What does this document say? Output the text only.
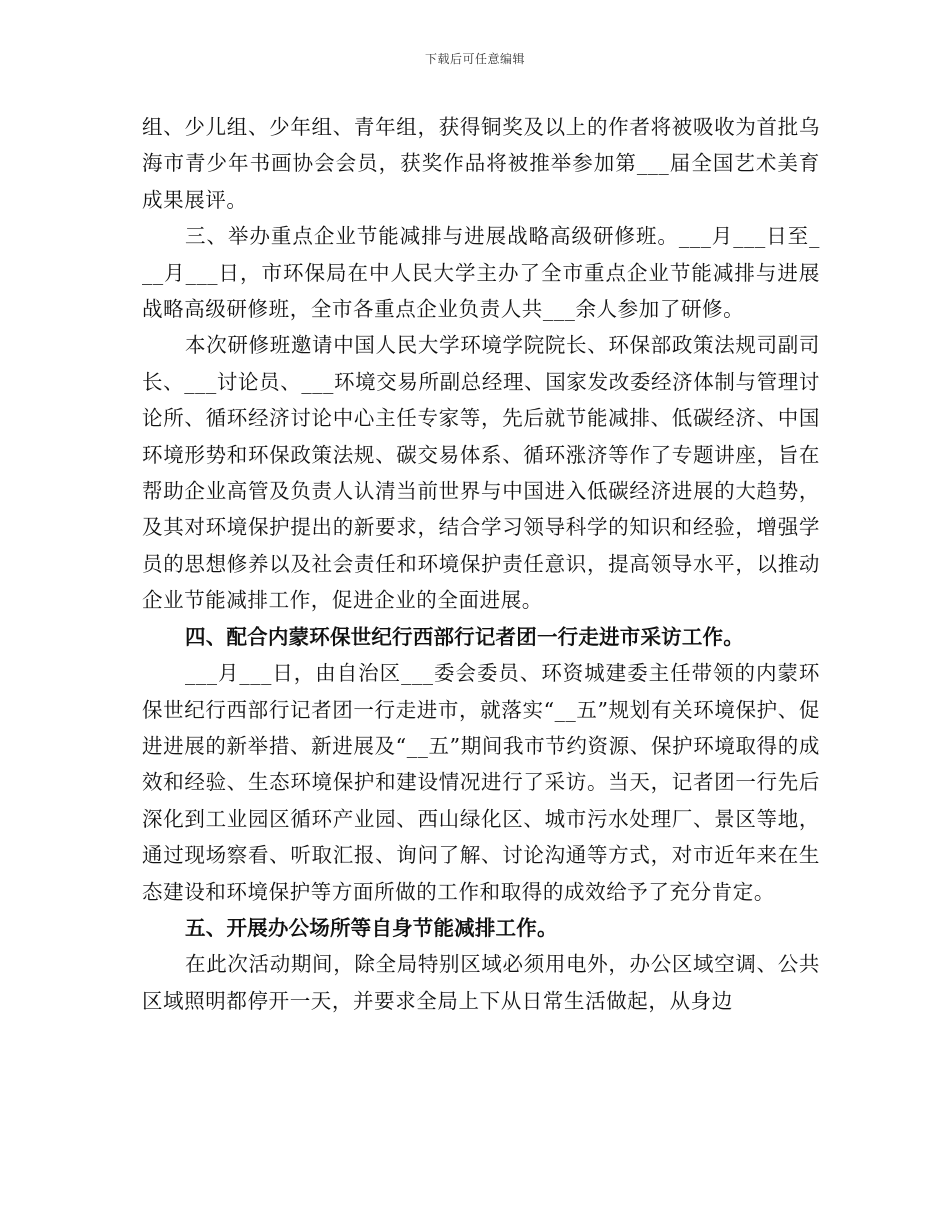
下载后可任意编辑

组、少儿组、少年组、青年组，获得铜奖及以上的作者将被吸收为首批乌海市青少年书画协会会员，获奖作品将被推举参加第___届全国艺术美育成果展评。

三、举办重点企业节能减排与进展战略高级研修班。___月___日至___月___日，市环保局在中人民大学主办了全市重点企业节能减排与进展战略高级研修班，全市各重点企业负责人共___余人参加了研修。

本次研修班邀请中国人民大学环境学院院长、环保部政策法规司副司长、___讨论员、___环境交易所副总经理、国家发改委经济体制与管理讨论所、循环经济讨论中心主任专家等，先后就节能减排、低碳经济、中国环境形势和环保政策法规、碳交易体系、循环涨济等作了专题讲座，旨在帮助企业高管及负责人认清当前世界与中国进入低碳经济进展的大趋势，及其对环境保护提出的新要求，结合学习领导科学的知识和经验，增强学员的思想修养以及社会责任和环境保护责任意识，提高领导水平，以推动企业节能减排工作，促进企业的全面进展。

四、配合内蒙环保世纪行西部行记者团一行走进市采访工作。

___月___日，由自治区___委会委员、环资城建委主任带领的内蒙环保世纪行西部行记者团一行走进市，就落实“__五”规划有关环境保护、促进进展的新举措、新进展及“__五”期间我市节约资源、保护环境取得的成效和经验、生态环境保护和建设情况进行了采访。当天，记者团一行先后深化到工业园区循环产业园、西山绿化区、城市污水处理厂、景区等地，通过现场察看、听取汇报、询问了解、讨论沟通等方式，对市近年来在生态建设和环境保护等方面所做的工作和取得的成效给予了充分肯定。

五、开展办公场所等自身节能减排工作。

在此次活动期间，除全局特别区域必须用电外，办公区域空调、公共区域照明都停开一天，并要求全局上下从日常生活做起，从身边
